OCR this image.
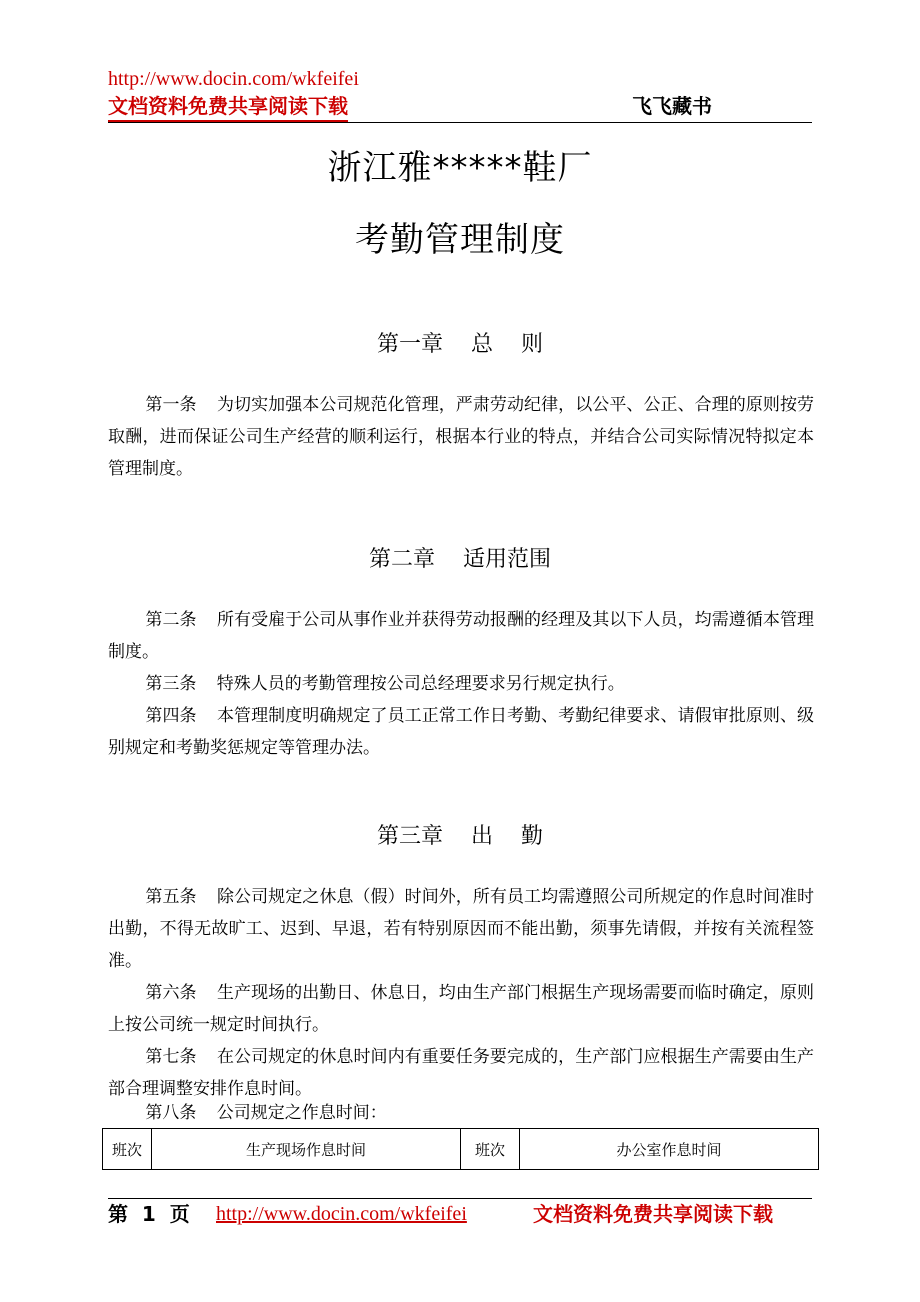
http://www.docin.com/wkfeifei
文档资料免费共享阅读下载	飞飞藏书
浙江雅*****鞋厂
考勤管理制度
第一章    总    则
第一条 为切实加强本公司规范化管理，严肃劳动纪律，以公平、公正、合理的原则按劳取酬，进而保证公司生产经营的顺利运行，根据本行业的特点，并结合公司实际情况特拟定本管理制度。
第二章    适用范围
第二条 所有受雇于公司从事作业并获得劳动报酬的经理及其以下人员，均需遵循本管理制度。
第三条 特殊人员的考勤管理按公司总经理要求另行规定执行。
第四条 本管理制度明确规定了员工正常工作日考勤、考勤纪律要求、请假审批原则、级别规定和考勤奖惩规定等管理办法。
第三章    出    勤
第五条 除公司规定之休息（假）时间外，所有员工均需遵照公司所规定的作息时间准时出勤，不得无故旷工、迟到、早退，若有特别原因而不能出勤，须事先请假，并按有关流程签准。
第六条 生产现场的出勤日、休息日，均由生产部门根据生产现场需要而临时确定，原则上按公司统一规定时间执行。
第七条 在公司规定的休息时间内有重要任务要完成的，生产部门应根据生产需要由生产部合理调整安排作息时间。
第八条 公司规定之作息时间：
班次	生产现场作息时间	班次	办公室作息时间
第  1  页 http://www.docin.com/wkfeifei	文档资料免费共享阅读下载
